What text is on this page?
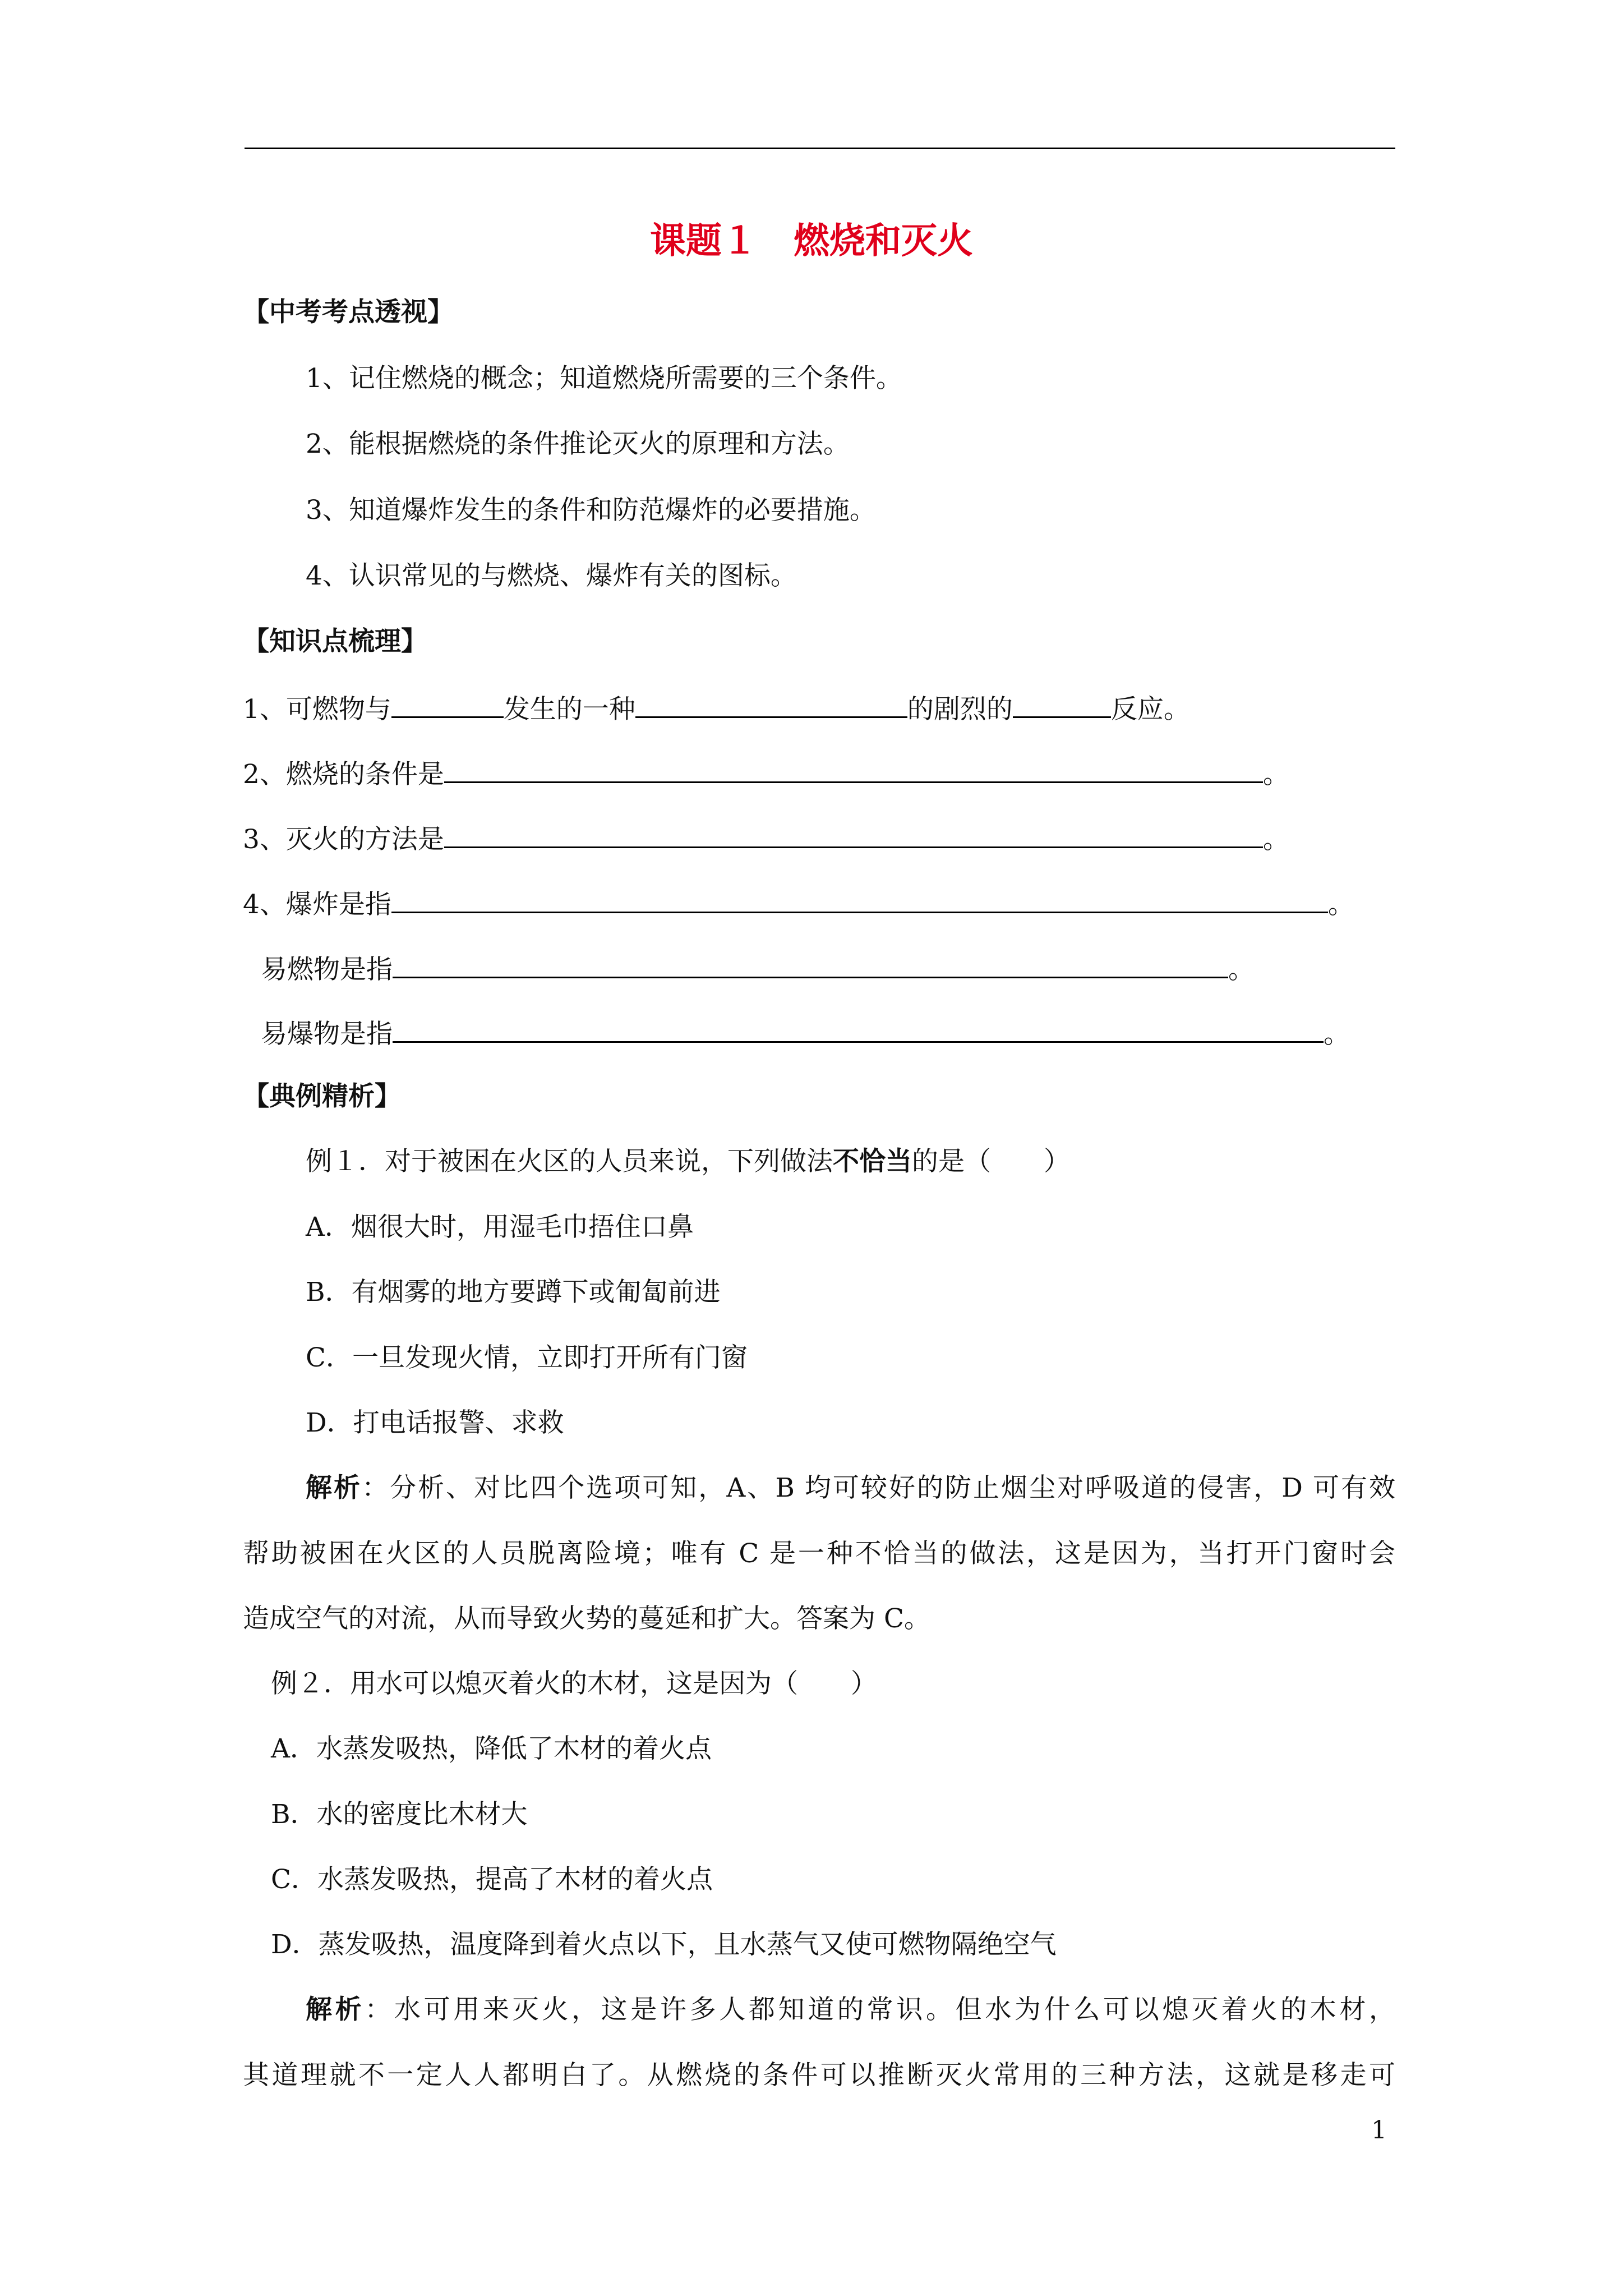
课题１　燃烧和灭火
【中考考点透视】
1、记住燃烧的概念；知道燃烧所需要的三个条件。
2、能根据燃烧的条件推论灭火的原理和方法。
3、知道爆炸发生的条件和防范爆炸的必要措施。
4、认识常见的与燃烧、爆炸有关的图标。
【知识点梳理】
1、可燃物与	发生的一种	的剧烈的	反应。
2、燃烧的条件是	。
3、灭火的方法是	。
4、爆炸是指	。
易燃物是指	。
易爆物是指	。
【典例精析】
例１．对于被困在火区的人员来说，下列做法不恰当的是（　　）
A．烟很大时，用湿毛巾捂住口鼻
B．有烟雾的地方要蹲下或匍匐前进
C．一旦发现火情，立即打开所有门窗
D．打电话报警、求救
解析：分析、对比四个选项可知，A、B 均可较好的防止烟尘对呼吸道的侵害，D 可有效
帮助被困在火区的人员脱离险境；唯有 C 是一种不恰当的做法，这是因为，当打开门窗时会
造成空气的对流，从而导致火势的蔓延和扩大。答案为 C。
例２．用水可以熄灭着火的木材，这是因为（　　）
A．水蒸发吸热，降低了木材的着火点
B．水的密度比木材大
C．水蒸发吸热，提高了木材的着火点
D．蒸发吸热，温度降到着火点以下，且水蒸气又使可燃物隔绝空气
解析：水可用来灭火，这是许多人都知道的常识。但水为什么可以熄灭着火的木材，
其道理就不一定人人都明白了。从燃烧的条件可以推断灭火常用的三种方法，这就是移走可
1
